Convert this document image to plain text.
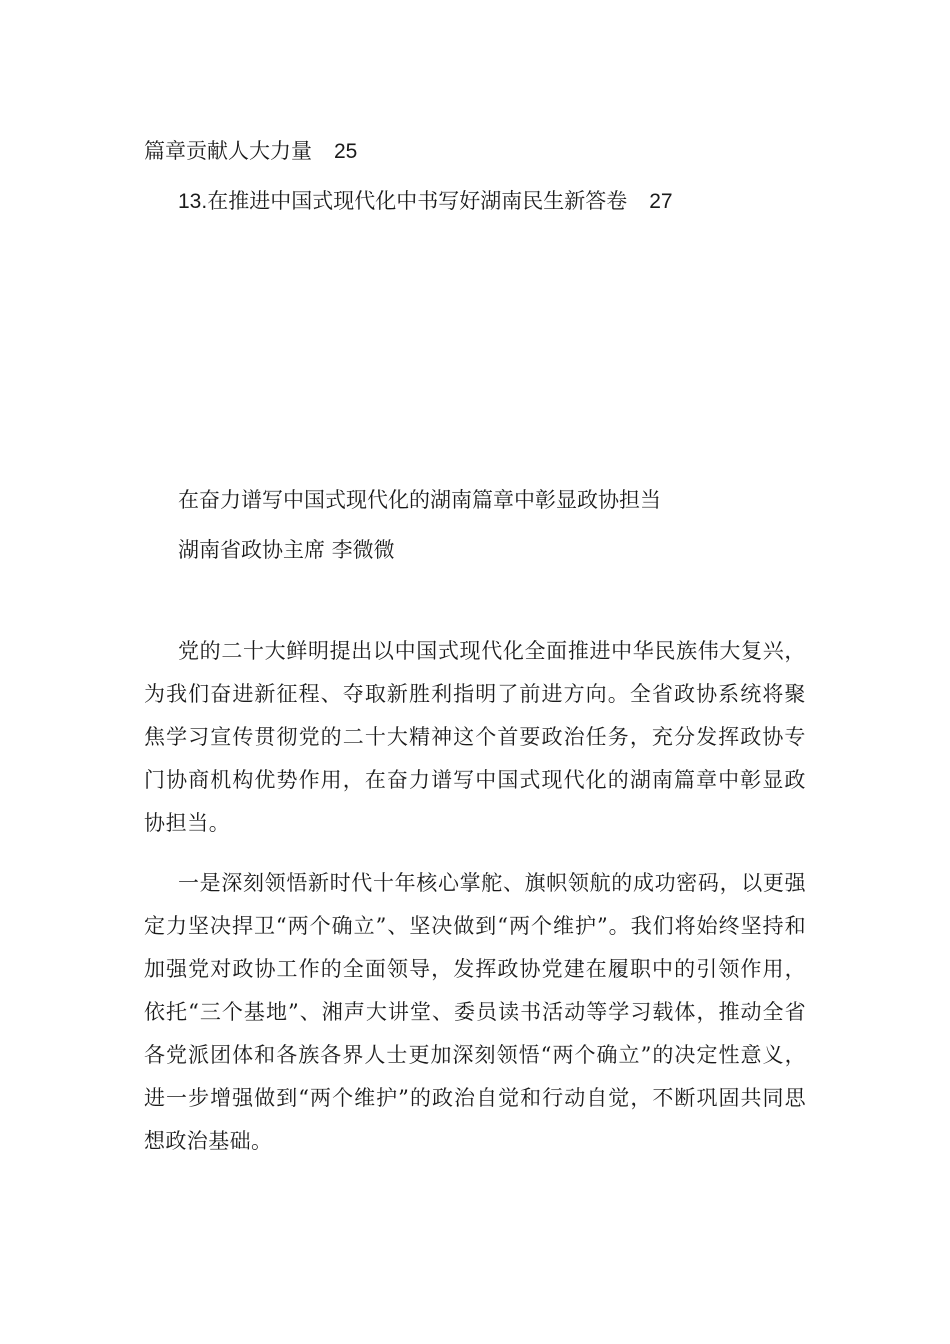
篇章贡献人大力量 25
13.在推进中国式现代化中书写好湖南民生新答卷 27
在奋力谱写中国式现代化的湖南篇章中彰显政协担当
湖南省政协主席 李微微

党的二十大鲜明提出以中国式现代化全面推进中华民族伟大复兴，为我们奋进新征程、夺取新胜利指明了前进方向。全省政协系统将聚焦学习宣传贯彻党的二十大精神这个首要政治任务，充分发挥政协专门协商机构优势作用，在奋力谱写中国式现代化的湖南篇章中彰显政协担当。

一是深刻领悟新时代十年核心掌舵、旗帜领航的成功密码，以更强定力坚决捍卫“两个确立”、坚决做到“两个维护”。我们将始终坚持和加强党对政协工作的全面领导，发挥政协党建在履职中的引领作用，依托“三个基地”、湘声大讲堂、委员读书活动等学习载体，推动全省各党派团体和各族各界人士更加深刻领悟“两个确立”的决定性意义，进一步增强做到“两个维护”的政治自觉和行动自觉，不断巩固共同思想政治基础。
